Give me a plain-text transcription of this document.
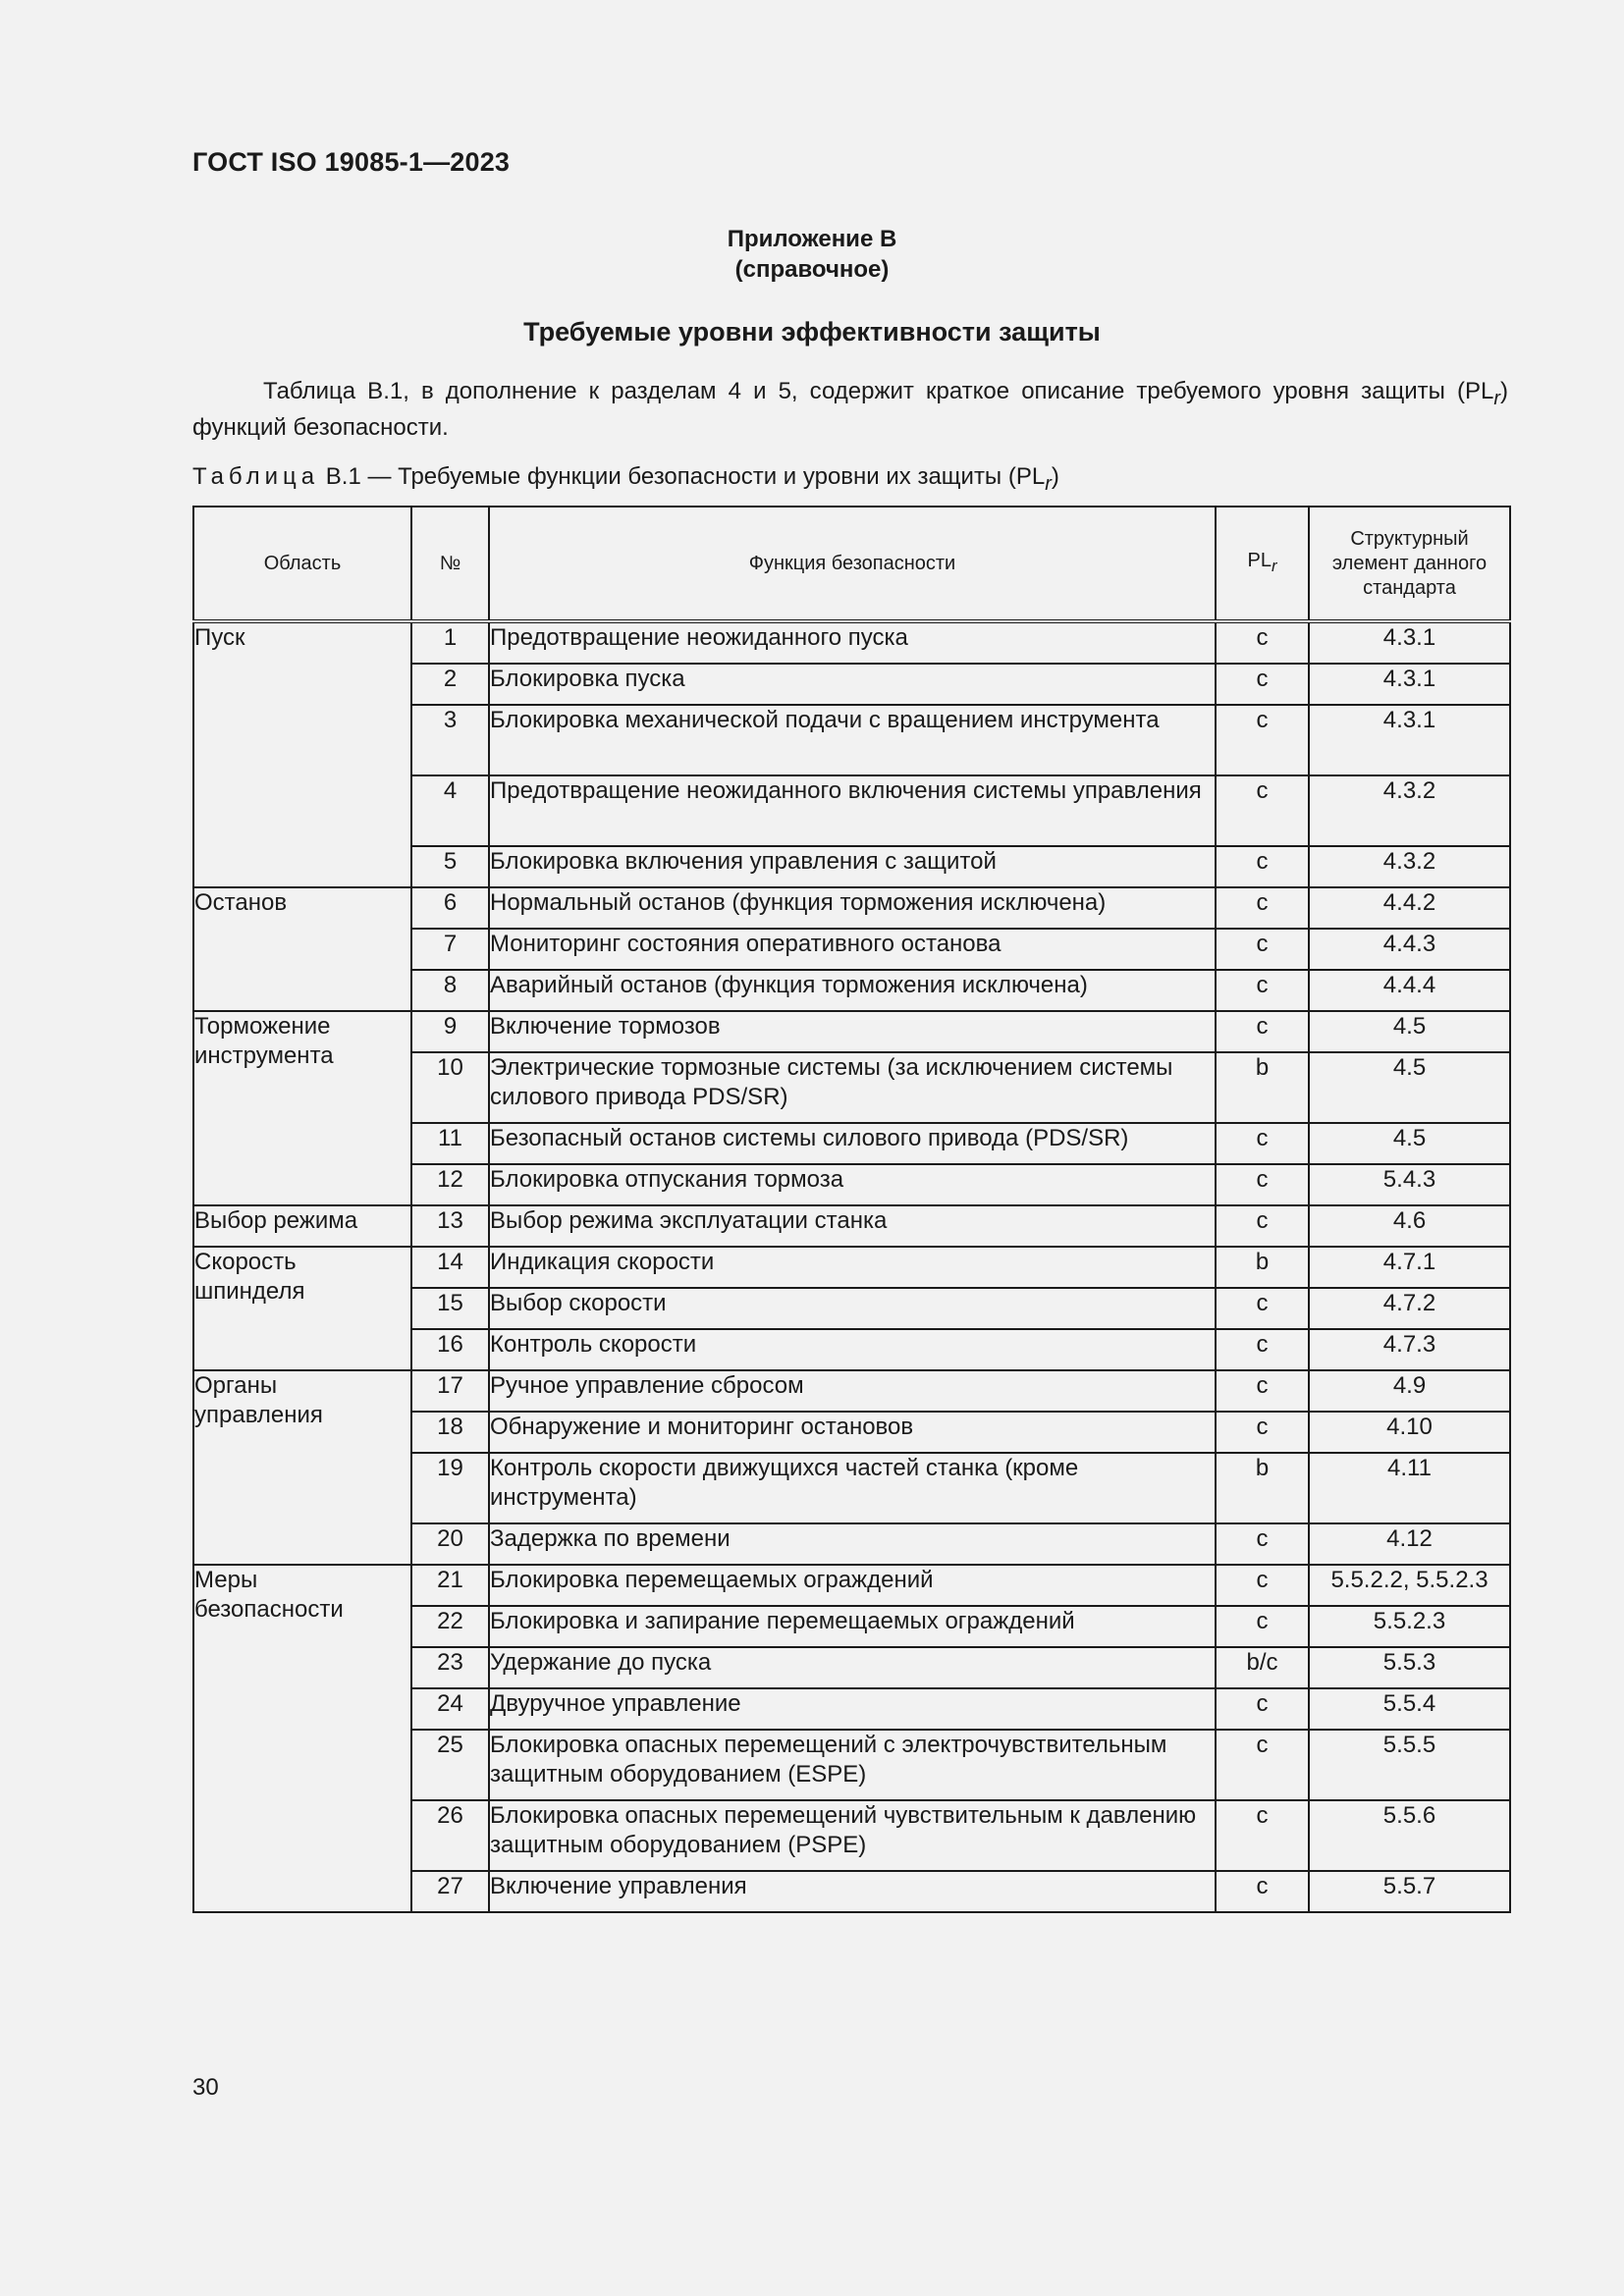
ГОСТ ISO 19085-1—2023
Приложение B
(справочное)
Требуемые уровни эффективности защиты
Таблица B.1, в дополнение к разделам 4 и 5, содержит краткое описание требуемого уровня защиты $(PL_r)$ функций безопасности.
Таблица B.1 — Требуемые функции безопасности и уровни их защиты $(PL_r)$
Область	№	Функция безопасности	$PL_r$	Структурный элемент данного стандарта
Пуск	1	Предотвращение неожиданного пуска	c	4.3.1
	2	Блокировка пуска	c	4.3.1
	3	Блокировка механической подачи с вращением инструмента	c	4.3.1
	4	Предотвращение неожиданного включения системы управления	c	4.3.2
	5	Блокировка включения управления с защитой	c	4.3.2
Останов	6	Нормальный останов (функция торможения исключена)	c	4.4.2
	7	Мониторинг состояния оперативного останова	c	4.4.3
	8	Аварийный останов (функция торможения исключена)	c	4.4.4
Торможение инструмента	9	Включение тормозов	c	4.5
	10	Электрические тормозные системы (за исключением системы силового привода PDS/SR)	b	4.5
	11	Безопасный останов системы силового привода (PDS/SR)	c	4.5
	12	Блокировка отпускания тормоза	c	5.4.3
Выбор режима	13	Выбор режима эксплуатации станка	c	4.6
Скорость шпинделя	14	Индикация скорости	b	4.7.1
	15	Выбор скорости	c	4.7.2
	16	Контроль скорости	c	4.7.3
Органы управления	17	Ручное управление сбросом	c	4.9
	18	Обнаружение и мониторинг остановов	c	4.10
	19	Контроль скорости движущихся частей станка (кроме инструмента)	b	4.11
	20	Задержка по времени	c	4.12
Меры безопасности	21	Блокировка перемещаемых ограждений	c	5.5.2.2, 5.5.2.3
	22	Блокировка и запирание перемещаемых ограждений	c	5.5.2.3
	23	Удержание до пуска	b/c	5.5.3
	24	Двуручное управление	c	5.5.4
	25	Блокировка опасных перемещений с электрочувствительным защитным оборудованием (ESPE)	c	5.5.5
	26	Блокировка опасных перемещений чувствительным к давлению защитным оборудованием (PSPE)	c	5.5.6
	27	Включение управления	c	5.5.7
30
